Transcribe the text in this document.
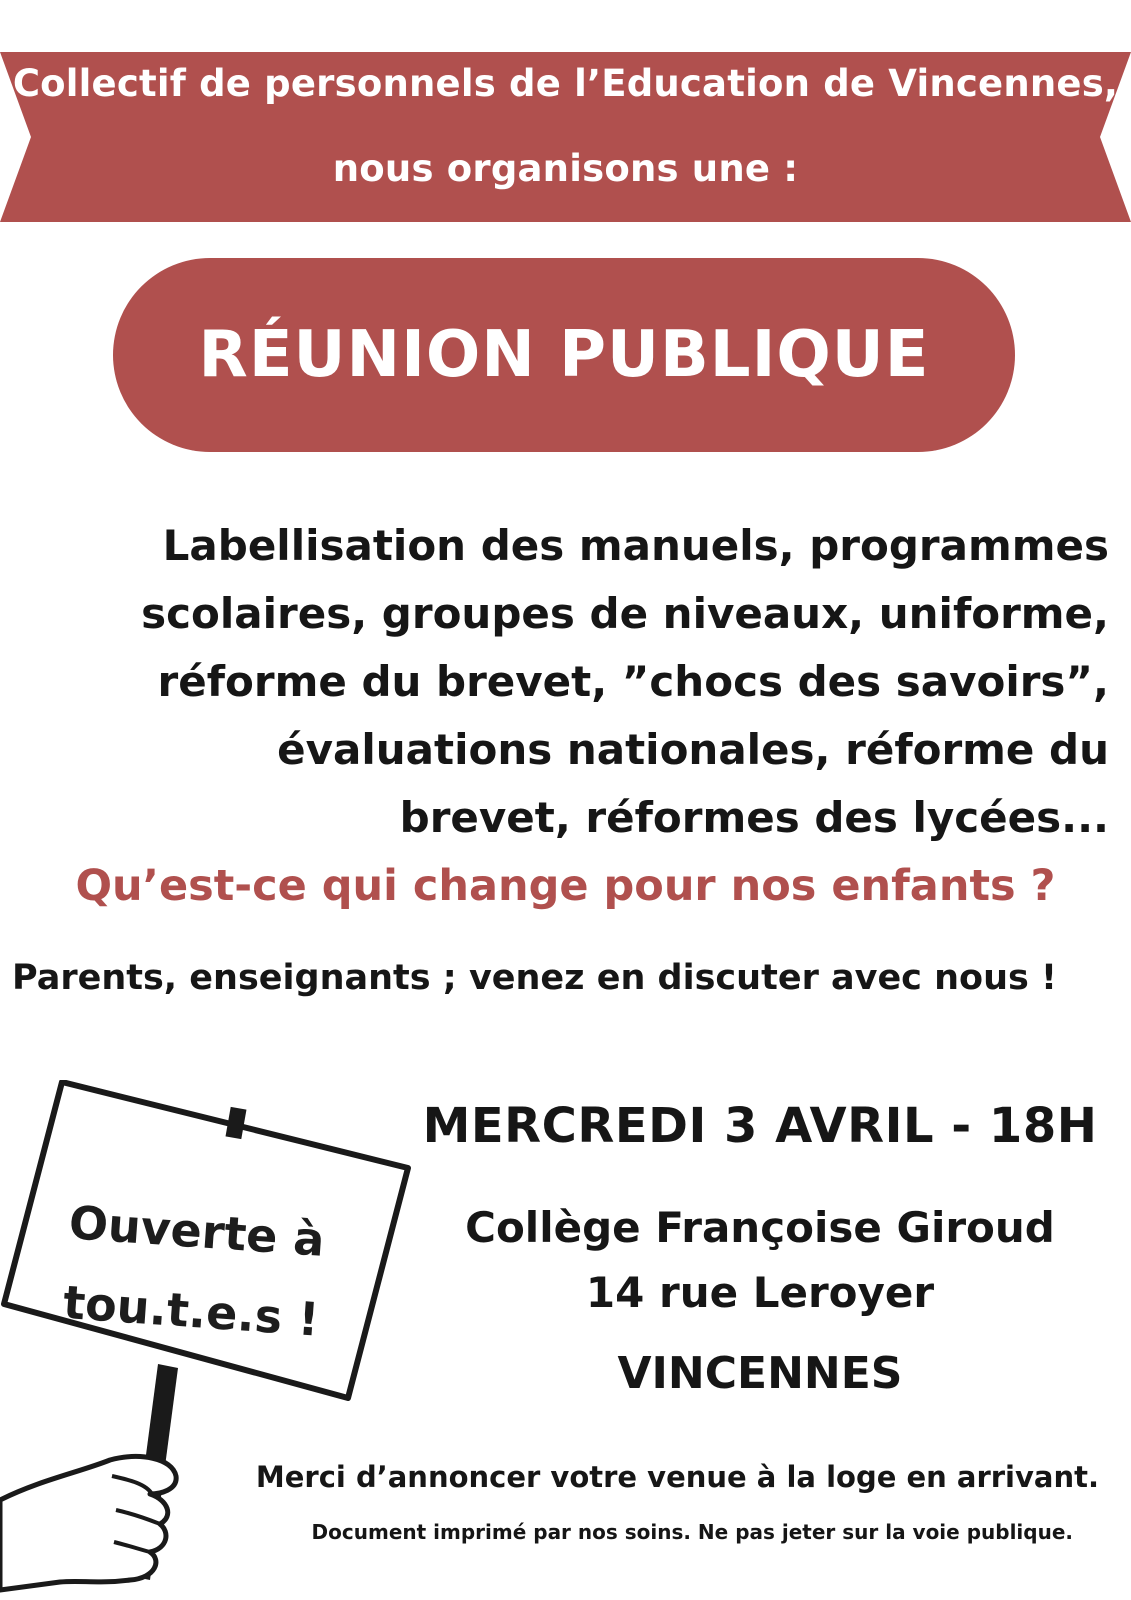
Collectif de personnels de l’Education de Vincennes,
nous organisons une :
RÉUNION PUBLIQUE
Labellisation des manuels, programmes
scolaires, groupes de niveaux, uniforme,
réforme du brevet, ”chocs des savoirs”,
évaluations nationales, réforme du
brevet, réformes des lycées...
Qu’est-ce qui change pour nos enfants ?
Parents, enseignants ; venez en discuter avec nous !
Ouverte à
tou.t.e.s !
MERCREDI 3 AVRIL - 18H
Collège Françoise Giroud
14 rue Leroyer
VINCENNES
Merci d’annoncer votre venue à la loge en arrivant.
Document imprimé par nos soins. Ne pas jeter sur la voie publique.
